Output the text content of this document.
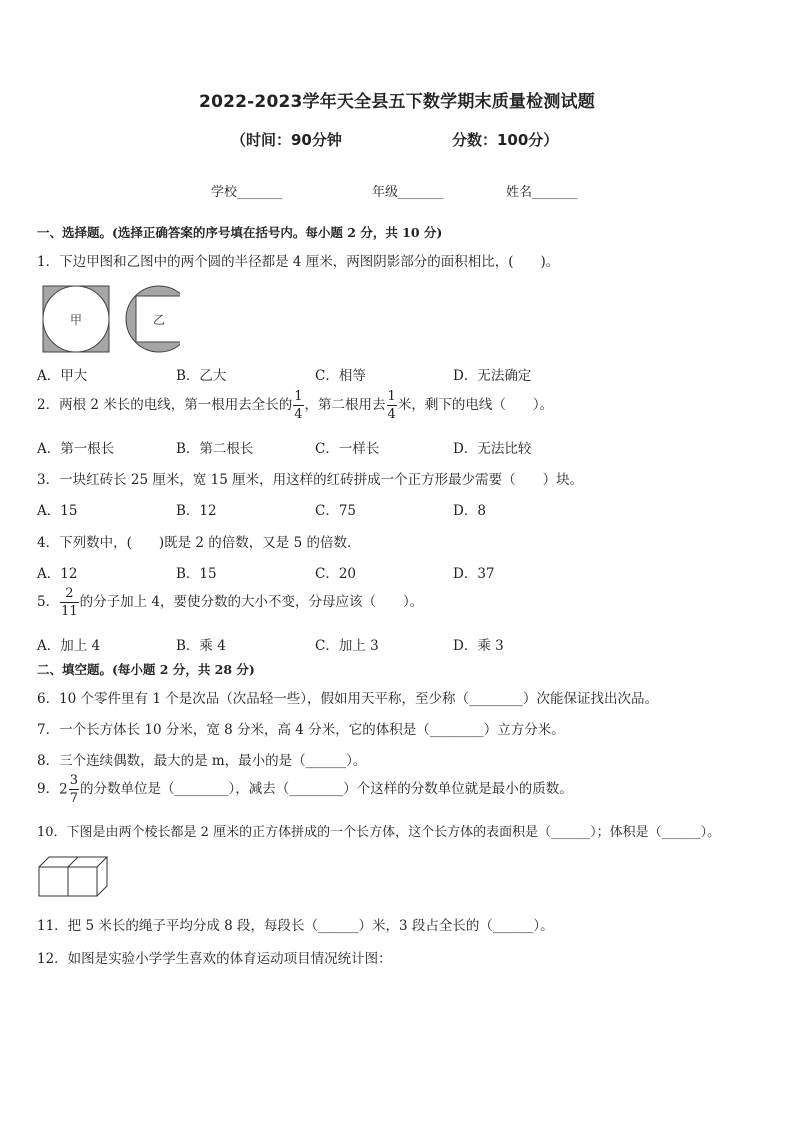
2022-2023学年天全县五下数学期末质量检测试题
（时间：90分钟	分数：100分）
学校_______	年级_______	姓名_______
一、选择题。(选择正确答案的序号填在括号内。每小题 2 分，共 10 分)
1．下边甲图和乙图中的两个圆的半径都是 4 厘米，两图阴影部分的面积相比，(　　)。
甲	乙
A．甲大	B．乙大	C．相等	D．无法确定
2．两根 2 米长的电线，第一根用去全长的 $\frac{1}{4}$ ，第二根用去 $\frac{1}{4}$ 米，剩下的电线（　　）。
A．第一根长	B．第二根长	C．一样长	D．无法比较
3．一块红砖长 25 厘米，宽 15 厘米，用这样的红砖拼成一个正方形最少需要（　　）块。
A．15	B．12	C．75	D．8
4．下列数中，(　　)既是 2 的倍数，又是 5 的倍数．
A．12	B．15	C．20	D．37
5． $\frac{2}{11}$ 的分子加上 4，要使分数的大小不变，分母应该（　　）。
A．加上 4	B．乘 4	C．加上 3	D．乘 3
二、填空题。(每小题 2 分，共 28 分)
6．10 个零件里有 1 个是次品（次品轻一些），假如用天平称，至少称（________）次能保证找出次品。
7．一个长方体长 10 分米，宽 8 分米，高 4 分米，它的体积是（________）立方分米。
8．三个连续偶数，最大的是 m，最小的是（______）。
9．$2 \frac{3}{7}$ 的分数单位是（________），减去（________）个这样的分数单位就是最小的质数。
10．下图是由两个棱长都是 2 厘米的正方体拼成的一个长方体，这个长方体的表面积是（______）；体积是（______）。
11．把 5 米长的绳子平均分成 8 段，每段长（______）米，3 段占全长的（______）。
12．如图是实验小学学生喜欢的体育运动项目情况统计图：
